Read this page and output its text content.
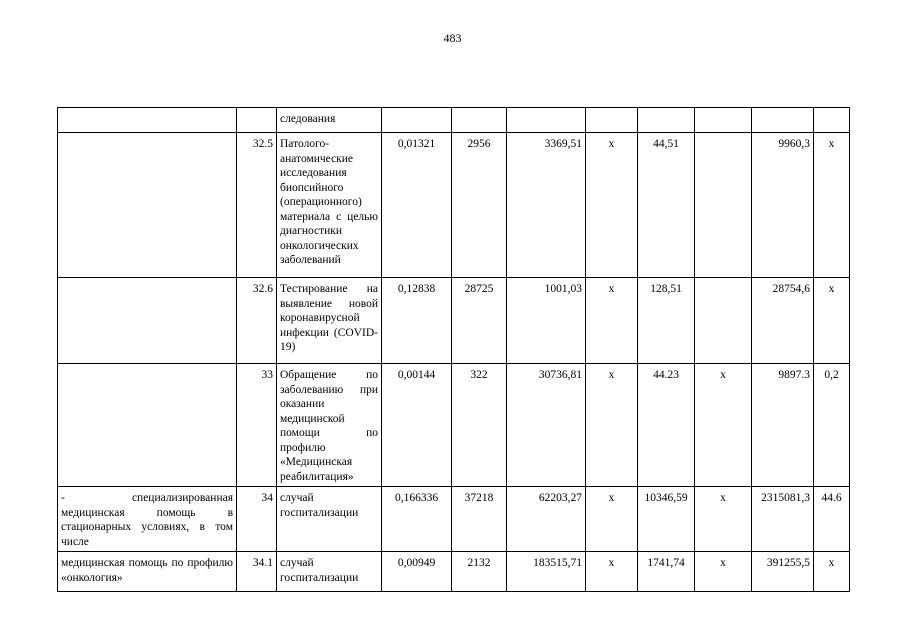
483
		следования								
	32.5	Патолого-анатомические исследования биопсийного (операционного) материала с целью диагностики онкологических заболеваний	0,01321	2956	3369,51	х	44,51		9960,3	х
	32.6	Тестирование на выявление новой коронавирусной инфекции (COVID-19)	0,12838	28725	1001,03	х	128,51		28754,6	х
	33	Обращение по заболеванию при оказании медицинской помощи по профилю «Медицинская реабилитация»	0,00144	322	30736,81	х	44.23	х	9897.3	0,2
- специализированная медицинская помощь в стационарных условиях, в том числе	34	случай госпитализации	0,166336	37218	62203,27	х	10346,59	х	2315081,3	44.6
медицинская помощь по профилю «онкология»	34.1	случай госпитализации	0,00949	2132	183515,71	х	1741,74	х	391255,5	х
